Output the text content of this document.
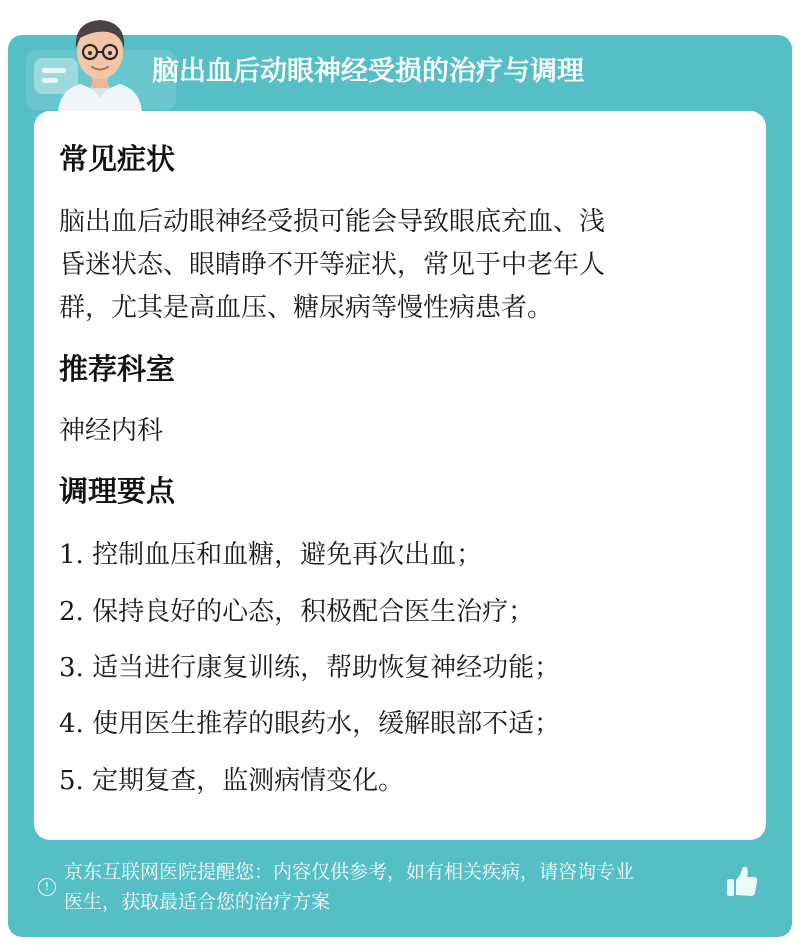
脑出血后动眼神经受损的治疗与调理
常见症状
脑出血后动眼神经受损可能会导致眼底充血、浅
昏迷状态、眼睛睁不开等症状，常见于中老年人
群，尤其是高血压、糖尿病等慢性病患者。
推荐科室
神经内科
调理要点
1. 控制血压和血糖，避免再次出血；
2. 保持良好的心态，积极配合医生治疗；
3. 适当进行康复训练，帮助恢复神经功能；
4. 使用医生推荐的眼药水，缓解眼部不适；
5. 定期复查，监测病情变化。
!
京东互联网医院提醒您：内容仅供参考，如有相关疾病，请咨询专业
医生，获取最适合您的治疗方案
